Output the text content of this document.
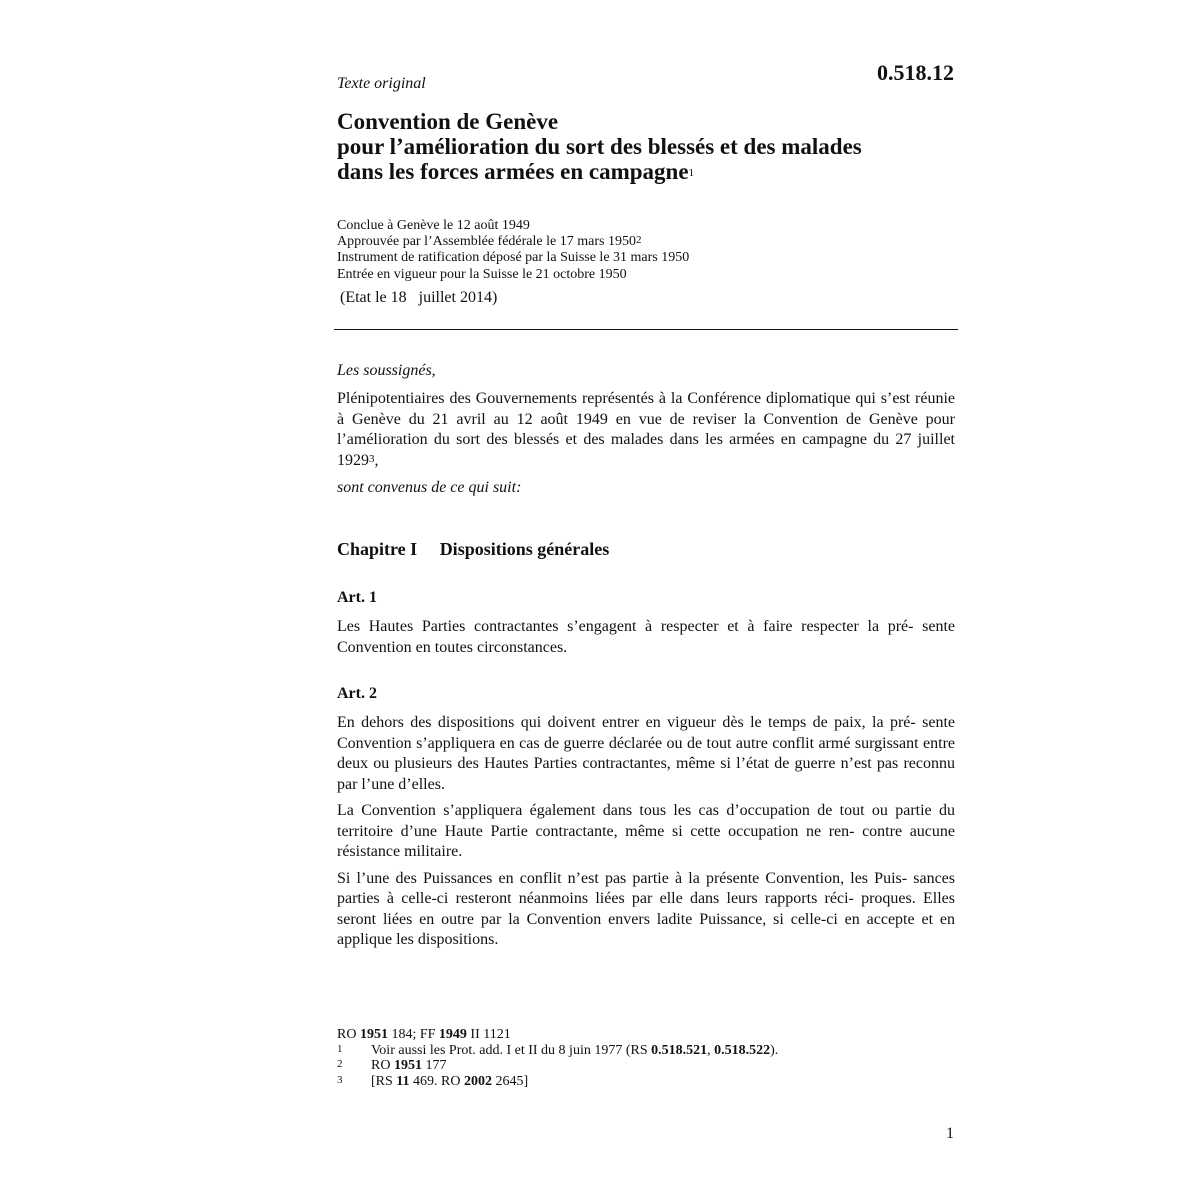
0.518.12
Texte original
Convention de Genève
pour l’amélioration du sort des blessés et des malades
dans les forces armées en campagne$^1$
Conclue à Genève le 12 août 1949
Approuvée par l’Assemblée fédérale le 17 mars 1950$^2$
Instrument de ratification déposé par la Suisse le 31 mars 1950
Entrée en vigueur pour la Suisse le 21 octobre 1950
(Etat le 18   juillet 2014)
Les soussignés,
Plénipotentiaires des Gouvernements représentés à la Conférence diplomatique qui s’est réunie à Genève du 21 avril au 12 août 1949 en vue de reviser la Convention de Genève pour l’amélioration du sort des blessés et des malades dans les armées en campagne du 27 juillet 1929$^3$,
sont convenus de ce qui suit:
Chapitre I Dispositions générales
Art. 1

Les Hautes Parties contractantes s’engagent à respecter et à faire respecter la pré- sente Convention en toutes circonstances.

Art. 2

En dehors des dispositions qui doivent entrer en vigueur dès le temps de paix, la pré- sente Convention s’appliquera en cas de guerre déclarée ou de tout autre conflit armé surgissant entre deux ou plusieurs des Hautes Parties contractantes, même si l’état de guerre n’est pas reconnu par l’une d’elles.

La Convention s’appliquera également dans tous les cas d’occupation de tout ou partie du territoire d’une Haute Partie contractante, même si cette occupation ne ren- contre aucune résistance militaire.

Si l’une des Puissances en conflit n’est pas partie à la présente Convention, les Puis- sances parties à celle-ci resteront néanmoins liées par elle dans leurs rapports réci- proques. Elles seront liées en outre par la Convention envers ladite Puissance, si celle-ci en accepte et en applique les dispositions.

RO 1951 184; FF 1949 II 1121
1	Voir aussi les Prot. add. I et II du 8 juin 1977 (RS 0.518.521, 0.518.522).
2	RO 1951 177
3	[RS 11 469. RO 2002 2645]
1
